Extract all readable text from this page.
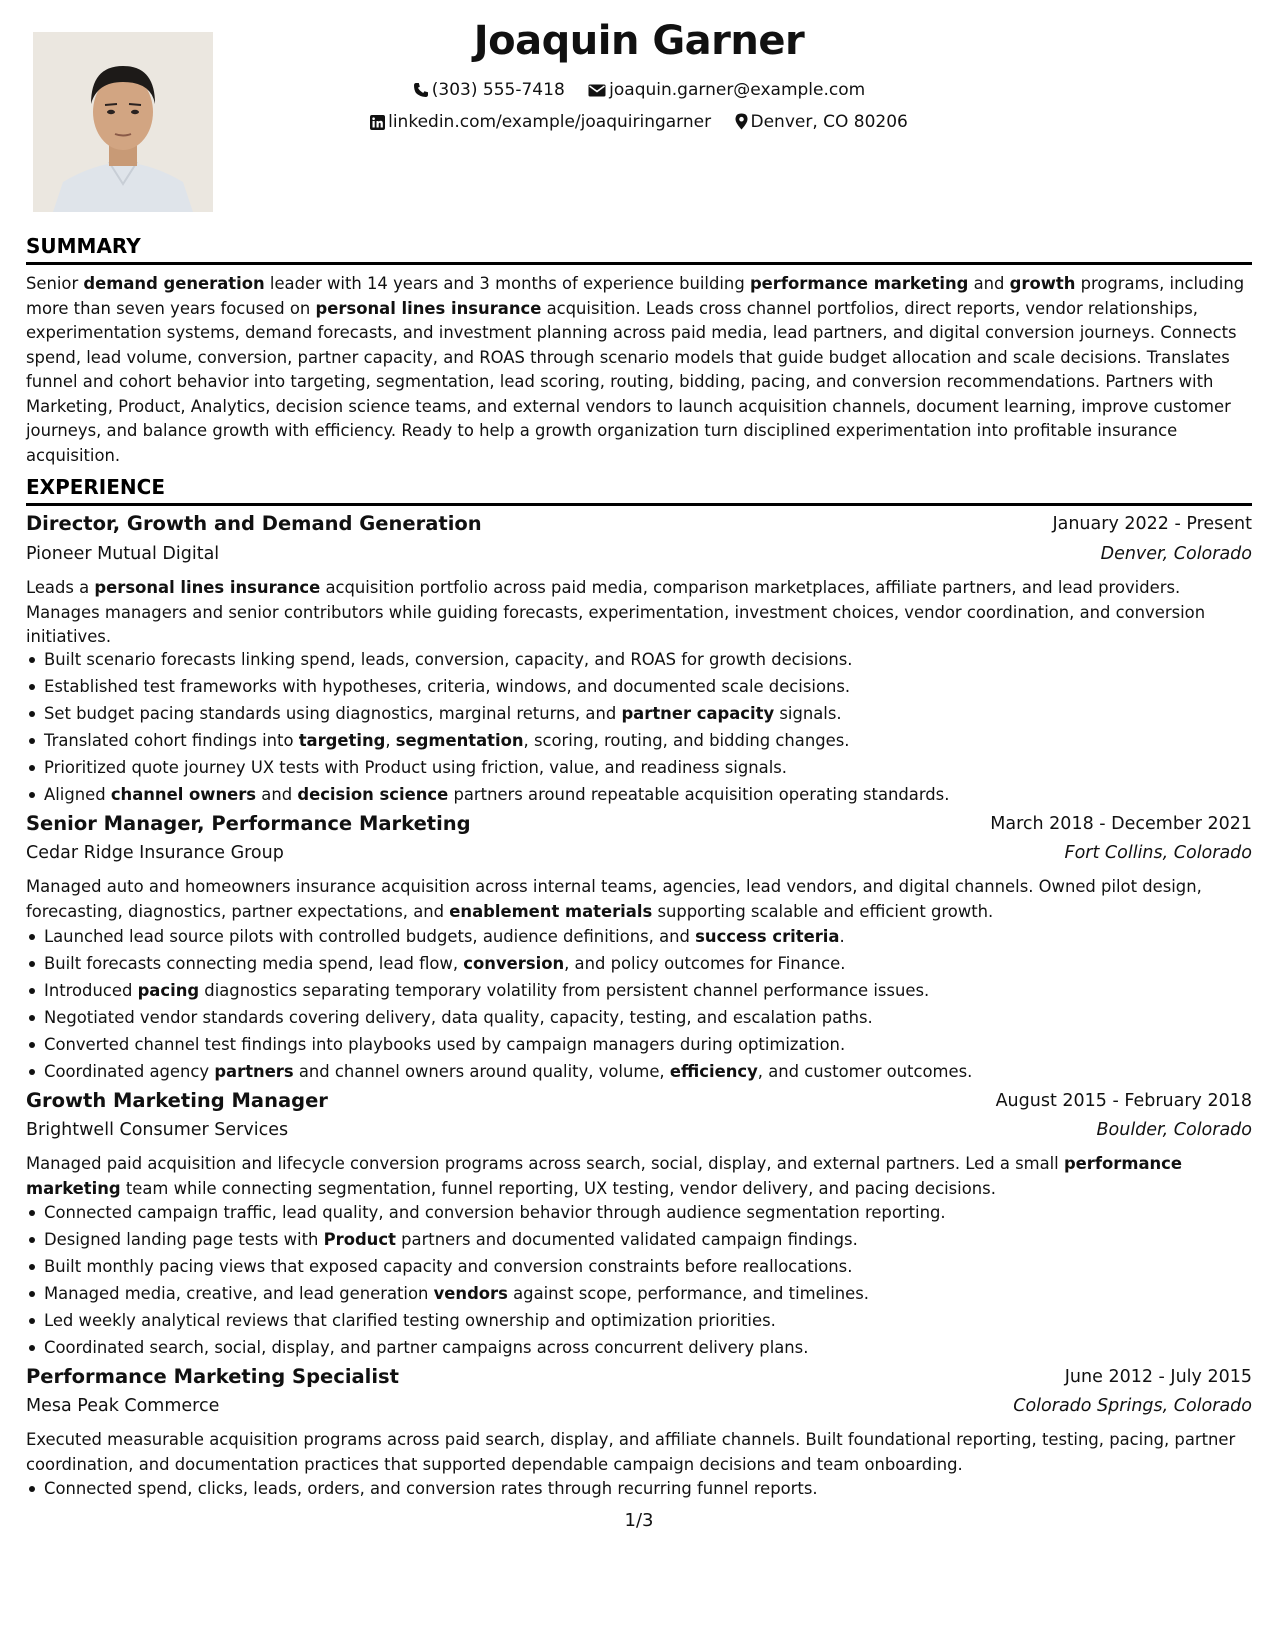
Joaquin Garner
(303) 555-7418	joaquin.garner@example.com
linkedin.com/example/joaquiringarner Denver, CO 80206
SUMMARY
Senior demand generation leader with 14 years and 3 months of experience building performance marketing and growth programs, including more than seven years focused on personal lines insurance acquisition. Leads cross channel portfolios, direct reports, vendor relationships, experimentation systems, demand forecasts, and investment planning across paid media, lead partners, and digital conversion journeys. Connects spend, lead volume, conversion, partner capacity, and ROAS through scenario models that guide budget allocation and scale decisions. Translates funnel and cohort behavior into targeting, segmentation, lead scoring, routing, bidding, pacing, and conversion recommendations. Partners with Marketing, Product, Analytics, decision science teams, and external vendors to launch acquisition channels, document learning, improve customer journeys, and balance growth with efficiency. Ready to help a growth organization turn disciplined experimentation into profitable insurance acquisition.
EXPERIENCE
Director, Growth and Demand Generation	January 2022 - Present
Pioneer Mutual Digital	Denver, Colorado
Leads a personal lines insurance acquisition portfolio across paid media, comparison marketplaces, affiliate partners, and lead providers. Manages managers and senior contributors while guiding forecasts, experimentation, investment choices, vendor coordination, and conversion initiatives.
Built scenario forecasts linking spend, leads, conversion, capacity, and ROAS for growth decisions.
Established test frameworks with hypotheses, criteria, windows, and documented scale decisions.
Set budget pacing standards using diagnostics, marginal returns, and partner capacity signals.
Translated cohort findings into targeting, segmentation, scoring, routing, and bidding changes.
Prioritized quote journey UX tests with Product using friction, value, and readiness signals.
Aligned channel owners and decision science partners around repeatable acquisition operating standards.
Senior Manager, Performance Marketing	March 2018 - December 2021
Cedar Ridge Insurance Group	Fort Collins, Colorado
Managed auto and homeowners insurance acquisition across internal teams, agencies, lead vendors, and digital channels. Owned pilot design, forecasting, diagnostics, partner expectations, and enablement materials supporting scalable and efficient growth.
Launched lead source pilots with controlled budgets, audience definitions, and success criteria.
Built forecasts connecting media spend, lead flow, conversion, and policy outcomes for Finance.
Introduced pacing diagnostics separating temporary volatility from persistent channel performance issues.
Negotiated vendor standards covering delivery, data quality, capacity, testing, and escalation paths.
Converted channel test findings into playbooks used by campaign managers during optimization.
Coordinated agency partners and channel owners around quality, volume, efficiency, and customer outcomes.
Growth Marketing Manager	August 2015 - February 2018
Brightwell Consumer Services	Boulder, Colorado
Managed paid acquisition and lifecycle conversion programs across search, social, display, and external partners. Led a small performance marketing team while connecting segmentation, funnel reporting, UX testing, vendor delivery, and pacing decisions.
Connected campaign traffic, lead quality, and conversion behavior through audience segmentation reporting.
Designed landing page tests with Product partners and documented validated campaign findings.
Built monthly pacing views that exposed capacity and conversion constraints before reallocations.
Managed media, creative, and lead generation vendors against scope, performance, and timelines.
Led weekly analytical reviews that clarified testing ownership and optimization priorities.
Coordinated search, social, display, and partner campaigns across concurrent delivery plans.
Performance Marketing Specialist	June 2012 - July 2015
Mesa Peak Commerce	Colorado Springs, Colorado
Executed measurable acquisition programs across paid search, display, and affiliate channels. Built foundational reporting, testing, pacing, partner coordination, and documentation practices that supported dependable campaign decisions and team onboarding.
Connected spend, clicks, leads, orders, and conversion rates through recurring funnel reports.
1/3
